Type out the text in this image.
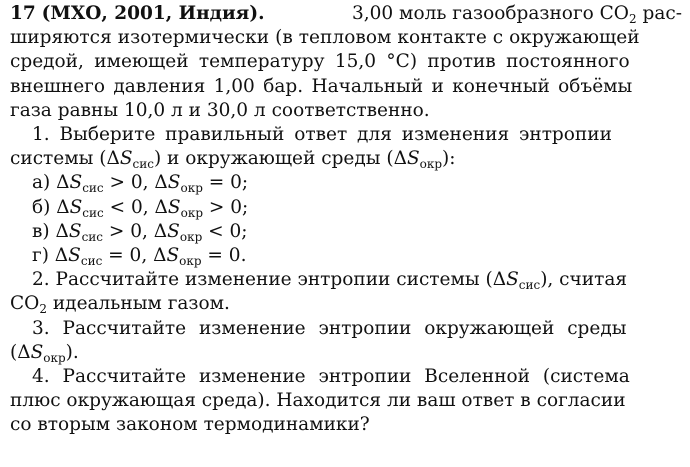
17 (МХО, 2001, Индия).	3,00 моль газообразного $CO_2$ рас-
ширяются изотермически (в тепловом контакте с окружающей
средой, имеющей температуру 15,0 °C) против постоянного
внешнего давления 1,00 бар. Начальный и конечный объёмы
газа равны 10,0 л и 30,0 л соответственно.
1. Выберите правильный ответ для изменения энтропии
системы $(\Delta S_{сис})$ и окружающей среды $(\Delta S_{окр})$:
а) $\Delta S_{сис} > 0$, $\Delta S_{окр} = 0$;
б) $\Delta S_{сис} < 0$, $\Delta S_{окр} > 0$;
в) $\Delta S_{сис} > 0$, $\Delta S_{окр} < 0$;
г) $\Delta S_{сис} = 0$, $\Delta S_{окр} = 0$.
2. Рассчитайте изменение энтропии системы $(\Delta S_{сис})$, считая
$CO_2$ идеальным газом.
3. Рассчитайте изменение энтропии окружающей среды
$(\Delta S_{окр})$.
4. Рассчитайте изменение энтропии Вселенной (система
плюс окружающая среда). Находится ли ваш ответ в согласии
со вторым законом термодинамики?
